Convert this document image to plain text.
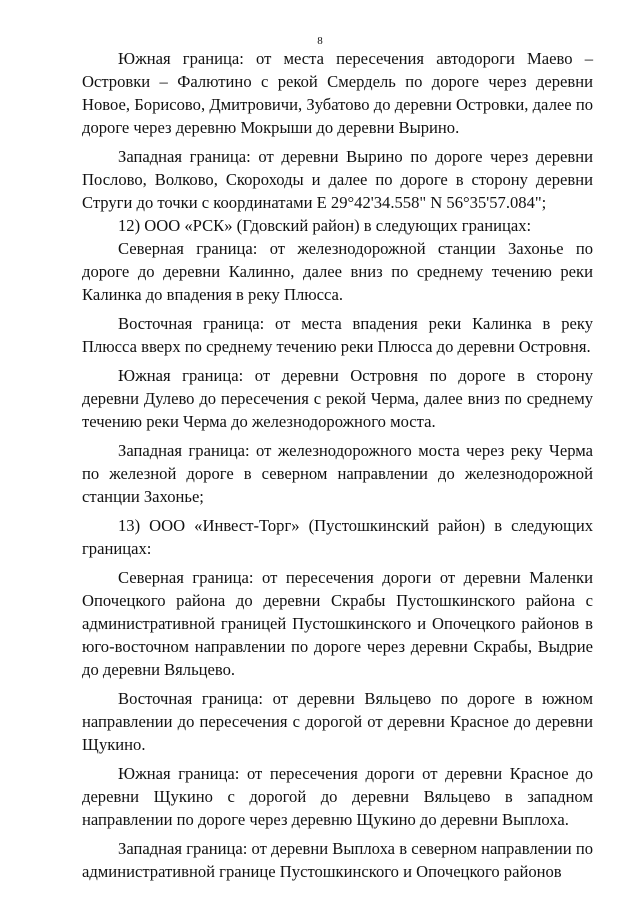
8

Южная граница: от места пересечения автодороги Маево – Островки – Фалютино с рекой Смердель по дороге через деревни Новое, Борисово, Дмитровичи, Зубатово до деревни Островки, далее по дороге через деревню Мокрыши до деревни Вырино.

Западная граница: от деревни Вырино по дороге через деревни Послово, Волково, Скороходы и далее по дороге в сторону деревни Струги до точки с координатами Е 29°42'34.558" N 56°35'57.084";

12) ООО «РСК» (Гдовский район) в следующих границах:

Северная граница: от железнодорожной станции Захонье по дороге до деревни Калинно, далее вниз по среднему течению реки Калинка до впадения в реку Плюсса.

Восточная граница: от места впадения реки Калинка в реку Плюсса вверх по среднему течению реки Плюсса до деревни Островня.

Южная граница: от деревни Островня по дороге в сторону деревни Дулево до пересечения с рекой Черма, далее вниз по среднему течению реки Черма до железнодорожного моста.

Западная граница: от железнодорожного моста через реку Черма по железной дороге в северном направлении до железнодорожной станции Захонье;

13) ООО «Инвест-Торг» (Пустошкинский район) в следующих границах:

Северная граница: от пересечения дороги от деревни Маленки Опочецкого района до деревни Скрабы Пустошкинского района с административной границей Пустошкинского и Опочецкого районов в юго-восточном направлении по дороге через деревни Скрабы, Выдрие до деревни Вяльцево.

Восточная граница: от деревни Вяльцево по дороге в южном направлении до пересечения с дорогой от деревни Красное до деревни Щукино.

Южная граница: от пересечения дороги от деревни Красное до деревни Щукино с дорогой до деревни Вяльцево в западном направлении по дороге через деревню Щукино до деревни Выплоха.

Западная граница: от деревни Выплоха в северном направлении по административной границе Пустошкинского и Опочецкого районов
